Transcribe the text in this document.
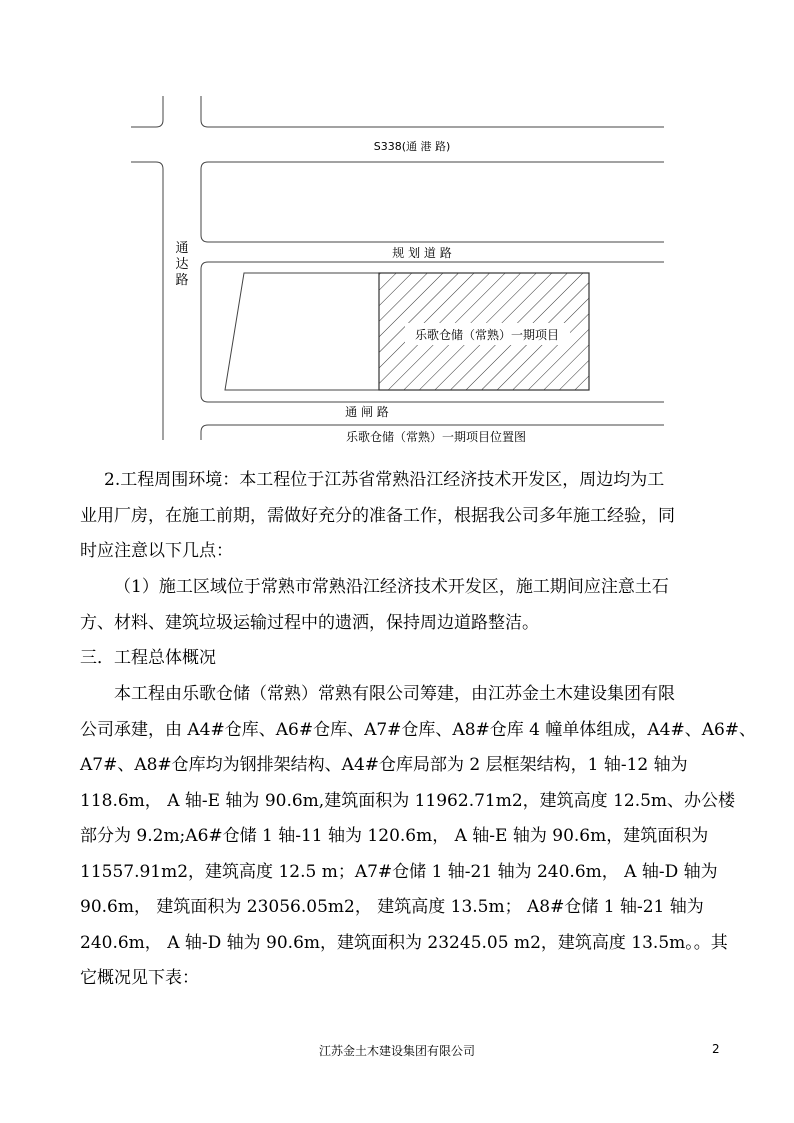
S338(通 港 路)
通
达
路
规 划 道 路
乐歌仓储（常熟）一期项目
通 闸 路
乐歌仓储（常熟）一期项目位置图
2.工程周围环境：本工程位于江苏省常熟沿江经济技术开发区，周边均为工
业用厂房，在施工前期，需做好充分的准备工作，根据我公司多年施工经验，同
时应注意以下几点：
（1）施工区域位于常熟市常熟沿江经济技术开发区，施工期间应注意土石
方、材料、建筑垃圾运输过程中的遗洒，保持周边道路整洁。
三．工程总体概况
本工程由乐歌仓储（常熟）常熟有限公司筹建，由江苏金土木建设集团有限
公司承建，由 A4#仓库、A6#仓库、A7#仓库、A8#仓库 4 幢单体组成，A4#、A6#、
A7#、A8#仓库均为钢排架结构、A4#仓库局部为 2 层框架结构，1 轴-12 轴为
118.6m， A 轴-E 轴为 90.6m,建筑面积为 11962.71m2，建筑高度 12.5m、办公楼
部分为 9.2m;A6#仓储 1 轴-11 轴为 120.6m， A 轴-E 轴为 90.6m，建筑面积为
11557.91m2，建筑高度 12.5 m；A7#仓储 1 轴-21 轴为 240.6m， A 轴-D 轴为
90.6m， 建筑面积为 23056.05m2， 建筑高度 13.5m； A8#仓储 1 轴-21 轴为
240.6m， A 轴-D 轴为 90.6m，建筑面积为 23245.05 m2，建筑高度 13.5m。。其
它概况见下表：
江苏金土木建设集团有限公司	2
